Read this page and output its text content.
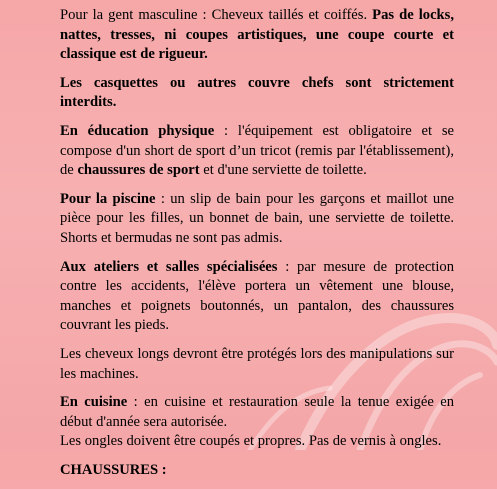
Pour la gent masculine : Cheveux taillés et coiffés. Pas de locks, nattes, tresses, ni coupes artistiques, une coupe courte et classique est de rigueur.

Les casquettes ou autres couvre chefs sont strictement interdits.

En éducation physique : l'équipement est obligatoire et se compose d'un short de sport d’un tricot (remis par l'établissement), de chaussures de sport et d'une serviette de toilette.

Pour la piscine : un slip de bain pour les garçons et maillot une pièce pour les filles, un bonnet de bain, une serviette de toilette. Shorts et bermudas ne sont pas admis.

Aux ateliers et salles spécialisées : par mesure de protection contre les accidents, l'élève portera un vêtement une blouse, manches et poignets boutonnés, un pantalon, des chaussures couvrant les pieds.

Les cheveux longs devront être protégés lors des manipulations sur les machines.

En cuisine : en cuisine et restauration seule la tenue exigée en début d'année sera autorisée.
Les ongles doivent être coupés et propres. Pas de vernis à ongles.

CHAUSSURES :
